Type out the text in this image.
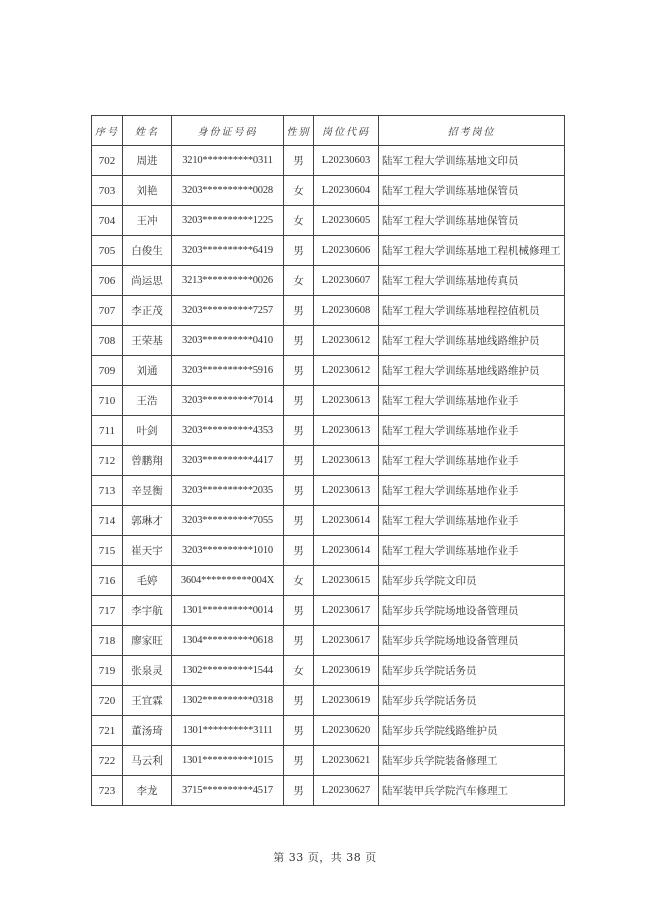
序号	姓名	身份证号码	性别	岗位代码	招考岗位
702	周进	3210**********0311	男	L20230603	陆军工程大学训练基地文印员
703	刘艳	3203**********0028	女	L20230604	陆军工程大学训练基地保管员
704	王冲	3203**********1225	女	L20230605	陆军工程大学训练基地保管员
705	白俊生	3203**********6419	男	L20230606	陆军工程大学训练基地工程机械修理工
706	尚运思	3213**********0026	女	L20230607	陆军工程大学训练基地传真员
707	李正茂	3203**********7257	男	L20230608	陆军工程大学训练基地程控值机员
708	王荣基	3203**********0410	男	L20230612	陆军工程大学训练基地线路维护员
709	刘通	3203**********5916	男	L20230612	陆军工程大学训练基地线路维护员
710	王浩	3203**********7014	男	L20230613	陆军工程大学训练基地作业手
711	叶剑	3203**********4353	男	L20230613	陆军工程大学训练基地作业手
712	曾鹏翔	3203**********4417	男	L20230613	陆军工程大学训练基地作业手
713	辛昱衡	3203**********2035	男	L20230613	陆军工程大学训练基地作业手
714	郭琳才	3203**********7055	男	L20230614	陆军工程大学训练基地作业手
715	崔天宇	3203**********1010	男	L20230614	陆军工程大学训练基地作业手
716	毛婷	3604**********004X	女	L20230615	陆军步兵学院文印员
717	李宇航	1301**********0014	男	L20230617	陆军步兵学院场地设备管理员
718	廖家旺	1304**********0618	男	L20230617	陆军步兵学院场地设备管理员
719	张泉灵	1302**********1544	女	L20230619	陆军步兵学院话务员
720	王宜霖	1302**********0318	男	L20230619	陆军步兵学院话务员
721	董汤琦	1301**********3111	男	L20230620	陆军步兵学院线路维护员
722	马云利	1301**********1015	男	L20230621	陆军步兵学院装备修理工
723	李龙	3715**********4517	男	L20230627	陆军装甲兵学院汽车修理工
第 33 页，共 38 页
